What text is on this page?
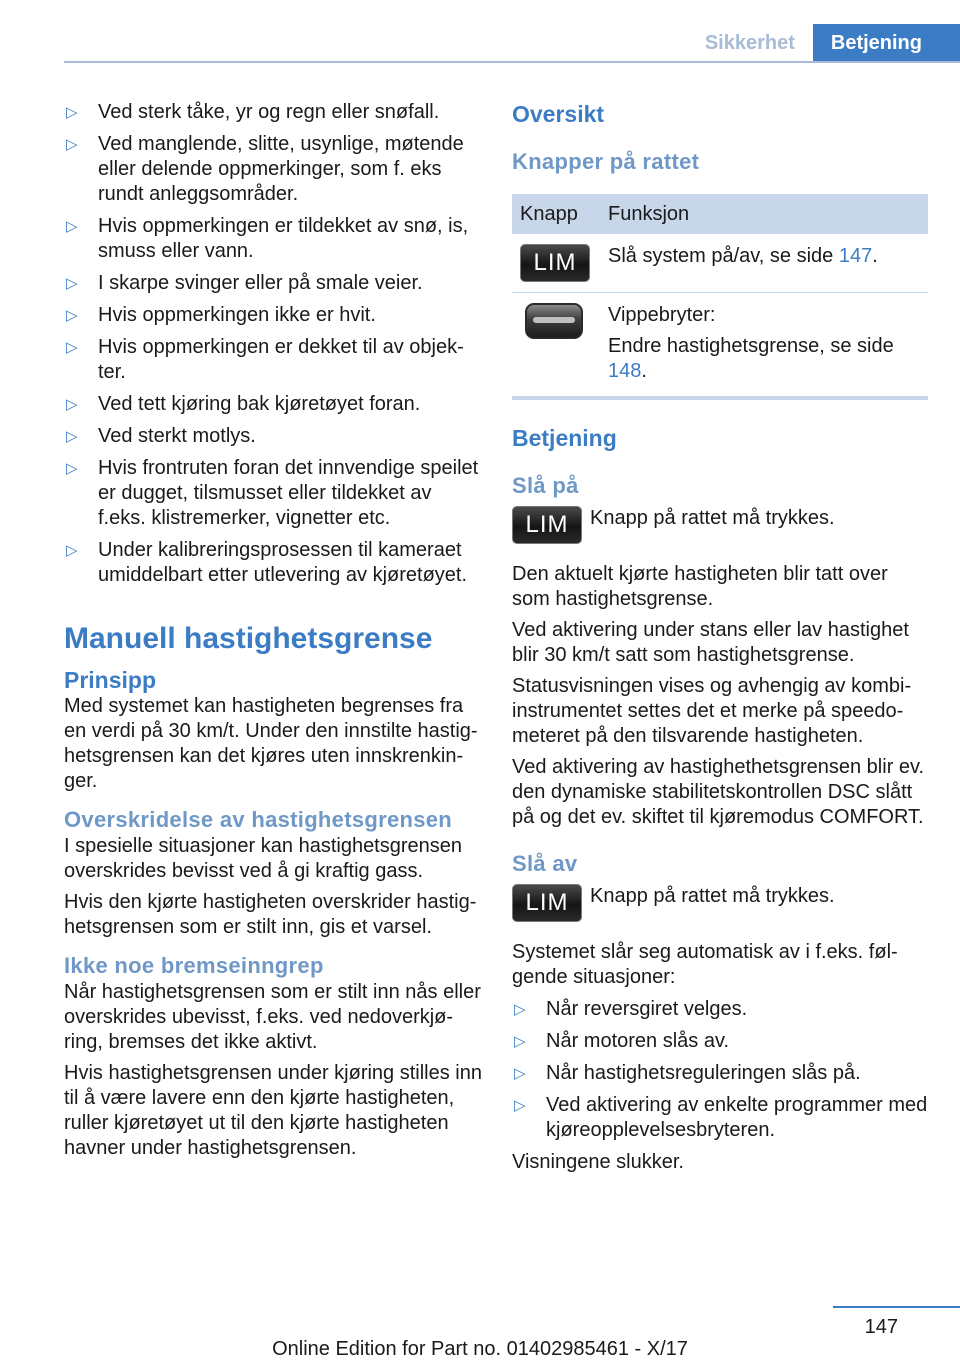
Sikkerhet	Betjening
▷ Ved sterk tåke, yr og regn eller snøfall.
▷ Ved manglende, slitte, usynlige, møtende eller delende oppmerkinger, som f. eks rundt anleggsområder.
▷ Hvis oppmerkingen er tildekket av snø, is, smuss eller vann.
▷ I skarpe svinger eller på smale veier.
▷ Hvis oppmerkingen ikke er hvit.
▷ Hvis oppmerkingen er dekket til av objek-ter.
▷ Ved tett kjøring bak kjøretøyet foran.
▷ Ved sterkt motlys.
▷ Hvis frontruten foran det innvendige speilet er dugget, tilsmusset eller tildekket av f.eks. klistremerker, vignetter etc.
▷ Under kalibreringsprosessen til kameraet umiddelbart etter utlevering av kjøretøyet.
Manuell hastighetsgrense
Prinsipp

Med systemet kan hastigheten begrenses fra en verdi på 30 km/t. Under den innstilte hastig-hetsgrensen kan det kjøres uten innskrenkin-ger.

Overskridelse av hastighetsgrensen

I spesielle situasjoner kan hastighetsgrensen overskrides bevisst ved å gi kraftig gass.

Hvis den kjørte hastigheten overskrider hastig-hetsgrensen som er stilt inn, gis et varsel.

Ikke noe bremseinngrep

Når hastighetsgrensen som er stilt inn nås eller overskrides ubevisst, f.eks. ved nedoverkjø-ring, bremses det ikke aktivt.

Hvis hastighetsgrensen under kjøring stilles inn til å være lavere enn den kjørte hastigheten, ruller kjøretøyet ut til den kjørte hastigheten havner under hastighetsgrensen.

Oversikt
Knapper på rattet
Knapp	Funksjon

LIM	Slå system på/av, se side 147.

	Vippebryter:
Endre hastighetsgrense, se side 148.
Betjening
Slå på
LIM	Knapp på rattet må trykkes.

Den aktuelt kjørte hastigheten blir tatt over som hastighetsgrense.

Ved aktivering under stans eller lav hastighet blir 30 km/t satt som hastighetsgrense.

Statusvisningen vises og avhengig av kombi-instrumentet settes det et merke på speedo-meteret på den tilsvarende hastigheten.

Ved aktivering av hastighethetsgrensen blir ev. den dynamiske stabilitetskontrollen DSC slått på og det ev. skiftet til kjøremodus COMFORT.

Slå av
LIM	Knapp på rattet må trykkes.

Systemet slår seg automatisk av i f.eks. føl-gende situasjoner:

▷ Når reversgiret velges.
▷ Når motoren slås av.
▷ Når hastighetsreguleringen slås på.
▷ Ved aktivering av enkelte programmer med kjøreopplevelsesbryteren.

Visningene slukker.

147
Online Edition for Part no. 01402985461 - X/17
